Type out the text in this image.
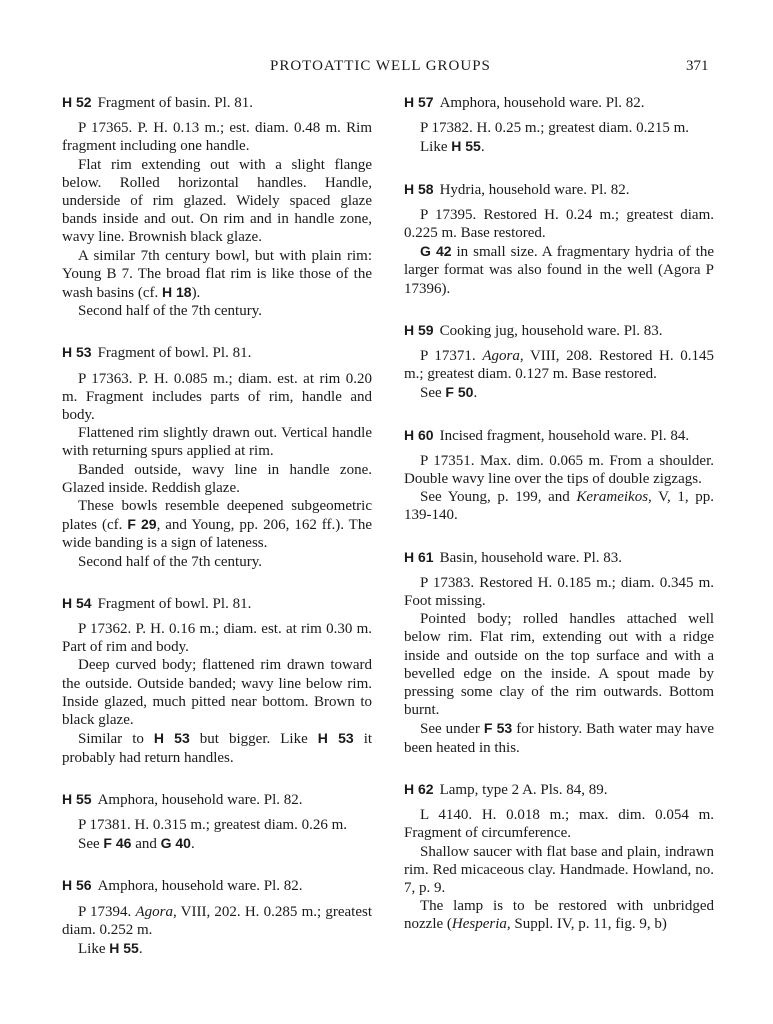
PROTOATTIC WELL GROUPS	371

H 52 Fragment of basin. Pl. 81.

P 17365. P. H. 0.13 m.; est. diam. 0.48 m. Rim fragment including one handle.

Flat rim extending out with a slight flange below. Rolled horizontal handles. Handle, underside of rim glazed. Widely spaced glaze bands inside and out. On rim and in handle zone, wavy line. Brownish black glaze.

A similar 7th century bowl, but with plain rim: Young B 7. The broad flat rim is like those of the wash basins (cf. H 18).

Second half of the 7th century.

H 53 Fragment of bowl. Pl. 81.

P 17363. P. H. 0.085 m.; diam. est. at rim 0.20 m. Fragment includes parts of rim, handle and body.

Flattened rim slightly drawn out. Vertical handle with returning spurs applied at rim.

Banded outside, wavy line in handle zone. Glazed inside. Reddish glaze.

These bowls resemble deepened subgeometric plates (cf. F 29, and Young, pp. 206, 162 ff.). The wide banding is a sign of lateness.

Second half of the 7th century.

H 54 Fragment of bowl. Pl. 81.

P 17362. P. H. 0.16 m.; diam. est. at rim 0.30 m. Part of rim and body.

Deep curved body; flattened rim drawn toward the outside. Outside banded; wavy line below rim. Inside glazed, much pitted near bottom. Brown to black glaze.

Similar to H 53 but bigger. Like H 53 it probably had return handles.

H 55 Amphora, household ware. Pl. 82.

P 17381. H. 0.315 m.; greatest diam. 0.26 m.

See F 46 and G 40.

H 56 Amphora, household ware. Pl. 82.

P 17394. Agora, VIII, 202. H. 0.285 m.; greatest diam. 0.252 m.

Like H 55.

H 57 Amphora, household ware. Pl. 82.

P 17382. H. 0.25 m.; greatest diam. 0.215 m.

Like H 55.

H 58 Hydria, household ware. Pl. 82.

P 17395. Restored H. 0.24 m.; greatest diam. 0.225 m. Base restored.

G 42 in small size. A fragmentary hydria of the larger format was also found in the well (Agora P 17396).

H 59 Cooking jug, household ware. Pl. 83.

P 17371. Agora, VIII, 208. Restored H. 0.145 m.; greatest diam. 0.127 m. Base restored.

See F 50.

H 60 Incised fragment, household ware. Pl. 84.

P 17351. Max. dim. 0.065 m. From a shoulder. Double wavy line over the tips of double zigzags.

See Young, p. 199, and Kerameikos, V, 1, pp. 139-140.

H 61 Basin, household ware. Pl. 83.

P 17383. Restored H. 0.185 m.; diam. 0.345 m. Foot missing.

Pointed body; rolled handles attached well below rim. Flat rim, extending out with a ridge inside and outside on the top surface and with a bevelled edge on the inside. A spout made by pressing some clay of the rim outwards. Bottom burnt.

See under F 53 for history. Bath water may have been heated in this.

H 62 Lamp, type 2 A. Pls. 84, 89.

L 4140. H. 0.018 m.; max. dim. 0.054 m. Fragment of circumference.

Shallow saucer with flat base and plain, indrawn rim. Red micaceous clay. Handmade. Howland, no. 7, p. 9.

The lamp is to be restored with unbridged nozzle (Hesperia, Suppl. IV, p. 11, fig. 9, b)
